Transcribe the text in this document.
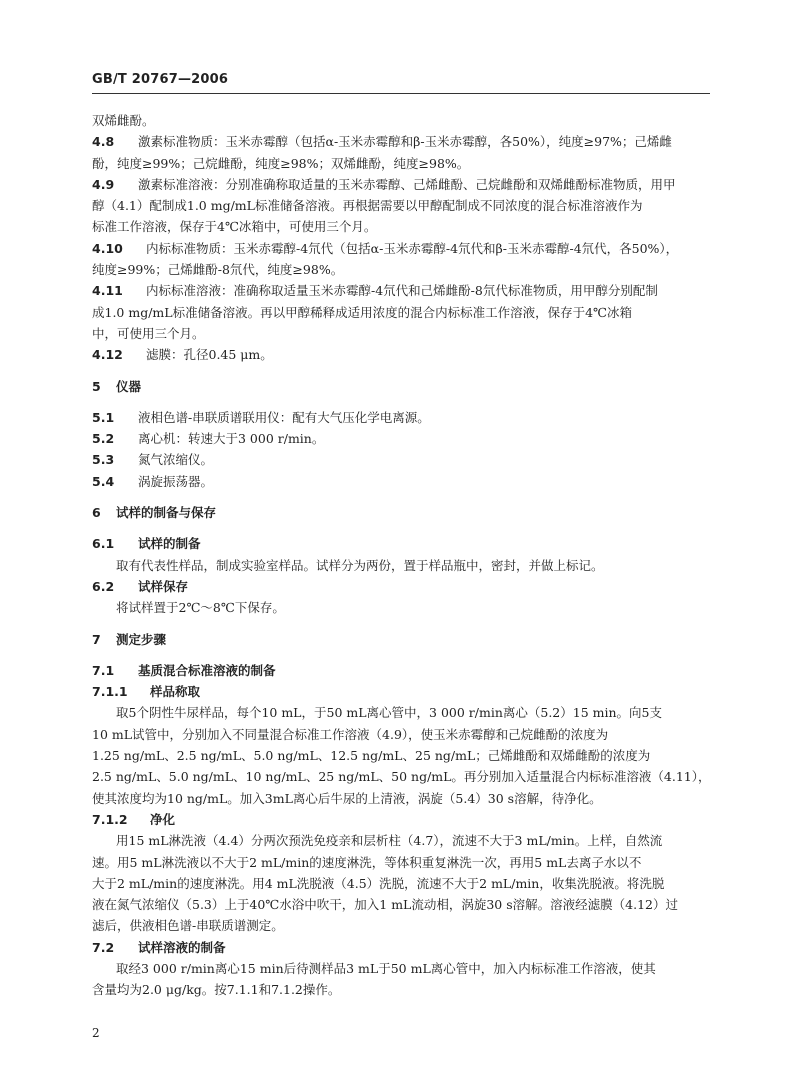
GB/T 20767—2006
双烯雌酚。
4.8 激素标准物质：玉米赤霉醇（包括α-玉米赤霉醇和β-玉米赤霉醇，各50%），纯度≥97%；己烯雌
酚，纯度≥99%；己烷雌酚，纯度≥98%；双烯雌酚，纯度≥98%。
4.9 激素标准溶液：分别准确称取适量的玉米赤霉醇、己烯雌酚、己烷雌酚和双烯雌酚标准物质，用甲
醇（4.1）配制成1.0 mg/mL标准储备溶液。再根据需要以甲醇配制成不同浓度的混合标准溶液作为
标准工作溶液，保存于4℃冰箱中，可使用三个月。
4.10 内标标准物质：玉米赤霉醇-4氘代（包括α-玉米赤霉醇-4氘代和β-玉米赤霉醇-4氘代，各50%），
纯度≥99%；己烯雌酚-8氘代，纯度≥98%。
4.11 内标标准溶液：准确称取适量玉米赤霉醇-4氘代和己烯雌酚-8氘代标准物质，用甲醇分别配制
成1.0 mg/mL标准储备溶液。再以甲醇稀释成适用浓度的混合内标标准工作溶液，保存于4℃冰箱
中，可使用三个月。
4.12 滤膜：孔径0.45 μm。
5 仪器
5.1 液相色谱-串联质谱联用仪：配有大气压化学电离源。
5.2 离心机：转速大于3 000 r/min。
5.3 氮气浓缩仪。
5.4 涡旋振荡器。
6 试样的制备与保存
6.1 试样的制备
取有代表性样品，制成实验室样品。试样分为两份，置于样品瓶中，密封，并做上标记。
6.2 试样保存
将试样置于2℃～8℃下保存。
7 测定步骤
7.1 基质混合标准溶液的制备
7.1.1 样品称取
取5个阴性牛尿样品，每个10 mL，于50 mL离心管中，3 000 r/min离心（5.2）15 min。向5支
10 mL试管中，分别加入不同量混合标准工作溶液（4.9），使玉米赤霉醇和己烷雌酚的浓度为
1.25 ng/mL、2.5 ng/mL、5.0 ng/mL、12.5 ng/mL、25 ng/mL；己烯雌酚和双烯雌酚的浓度为
2.5 ng/mL、5.0 ng/mL、10 ng/mL、25 ng/mL、50 ng/mL。再分别加入适量混合内标标准溶液（4.11），
使其浓度均为10 ng/mL。加入3mL离心后牛尿的上清液，涡旋（5.4）30 s溶解，待净化。
7.1.2 净化
用15 mL淋洗液（4.4）分两次预洗免疫亲和层析柱（4.7），流速不大于3 mL/min。上样，自然流
速。用5 mL淋洗液以不大于2 mL/min的速度淋洗，等体积重复淋洗一次，再用5 mL去离子水以不
大于2 mL/min的速度淋洗。用4 mL洗脱液（4.5）洗脱，流速不大于2 mL/min，收集洗脱液。将洗脱
液在氮气浓缩仪（5.3）上于40℃水浴中吹干，加入1 mL流动相，涡旋30 s溶解。溶液经滤膜（4.12）过
滤后，供液相色谱-串联质谱测定。
7.2 试样溶液的制备
取经3 000 r/min离心15 min后待测样品3 mL于50 mL离心管中，加入内标标准工作溶液，使其
含量均为2.0 μg/kg。按7.1.1和7.1.2操作。
2
